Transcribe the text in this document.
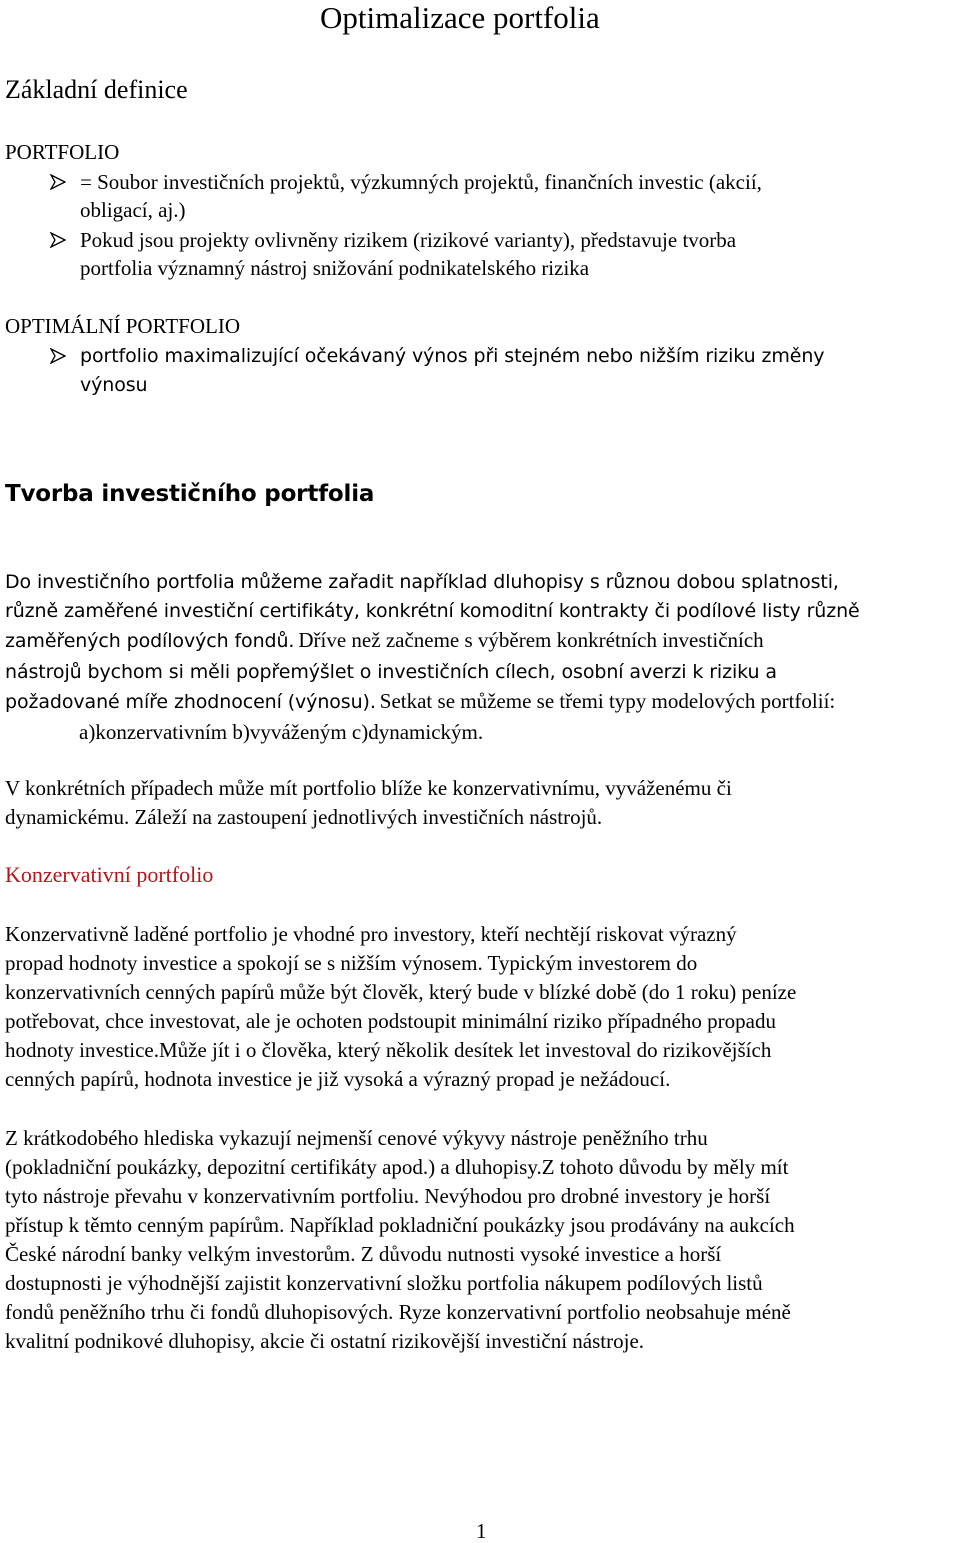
Optimalizace portfolia
Základní definice
PORTFOLIO
= Soubor investičních projektů, výzkumných projektů, finančních investic (akcií,
obligací, aj.)
Pokud jsou projekty ovlivněny rizikem (rizikové varianty), představuje tvorba
portfolia významný nástroj snižování podnikatelského rizika
OPTIMÁLNÍ PORTFOLIO
portfolio maximalizující očekávaný výnos při stejném nebo nižším riziku změny
výnosu
Tvorba investičního portfolia
Do investičního portfolia můžeme zařadit například dluhopisy s různou dobou splatnosti,
různě zaměřené investiční certifikáty, konkrétní komoditní kontrakty či podílové listy různě
zaměřených podílových fondů. Dříve než začneme s výběrem konkrétních investičních
nástrojů bychom si měli popřemýšlet o investičních cílech, osobní averzi k riziku a
požadované míře zhodnocení (výnosu). Setkat se můžeme se třemi typy modelových portfolií:
a)konzervativním b)vyváženým c)dynamickým.
V konkrétních případech může mít portfolio blíže ke konzervativnímu, vyváženému či
dynamickému. Záleží na zastoupení jednotlivých investičních nástrojů.
Konzervativní portfolio
Konzervativně laděné portfolio je vhodné pro investory, kteří nechtějí riskovat výrazný
propad hodnoty investice a spokojí se s nižším výnosem. Typickým investorem do
konzervativních cenných papírů může být člověk, který bude v blízké době (do 1 roku) peníze
potřebovat, chce investovat, ale je ochoten podstoupit minimální riziko případného propadu
hodnoty investice.Může jít i o člověka, který několik desítek let investoval do rizikovějších
cenných papírů, hodnota investice je již vysoká a výrazný propad je nežádoucí.
Z krátkodobého hlediska vykazují nejmenší cenové výkyvy nástroje peněžního trhu
(pokladniční poukázky, depozitní certifikáty apod.) a dluhopisy.Z tohoto důvodu by měly mít
tyto nástroje převahu v konzervativním portfoliu. Nevýhodou pro drobné investory je horší
přístup k těmto cenným papírům. Například pokladniční poukázky jsou prodávány na aukcích
České národní banky velkým investorům. Z důvodu nutnosti vysoké investice a horší
dostupnosti je výhodnější zajistit konzervativní složku portfolia nákupem podílových listů
fondů peněžního trhu či fondů dluhopisových. Ryze konzervativní portfolio neobsahuje méně
kvalitní podnikové dluhopisy, akcie či ostatní rizikovější investiční nástroje.
1
